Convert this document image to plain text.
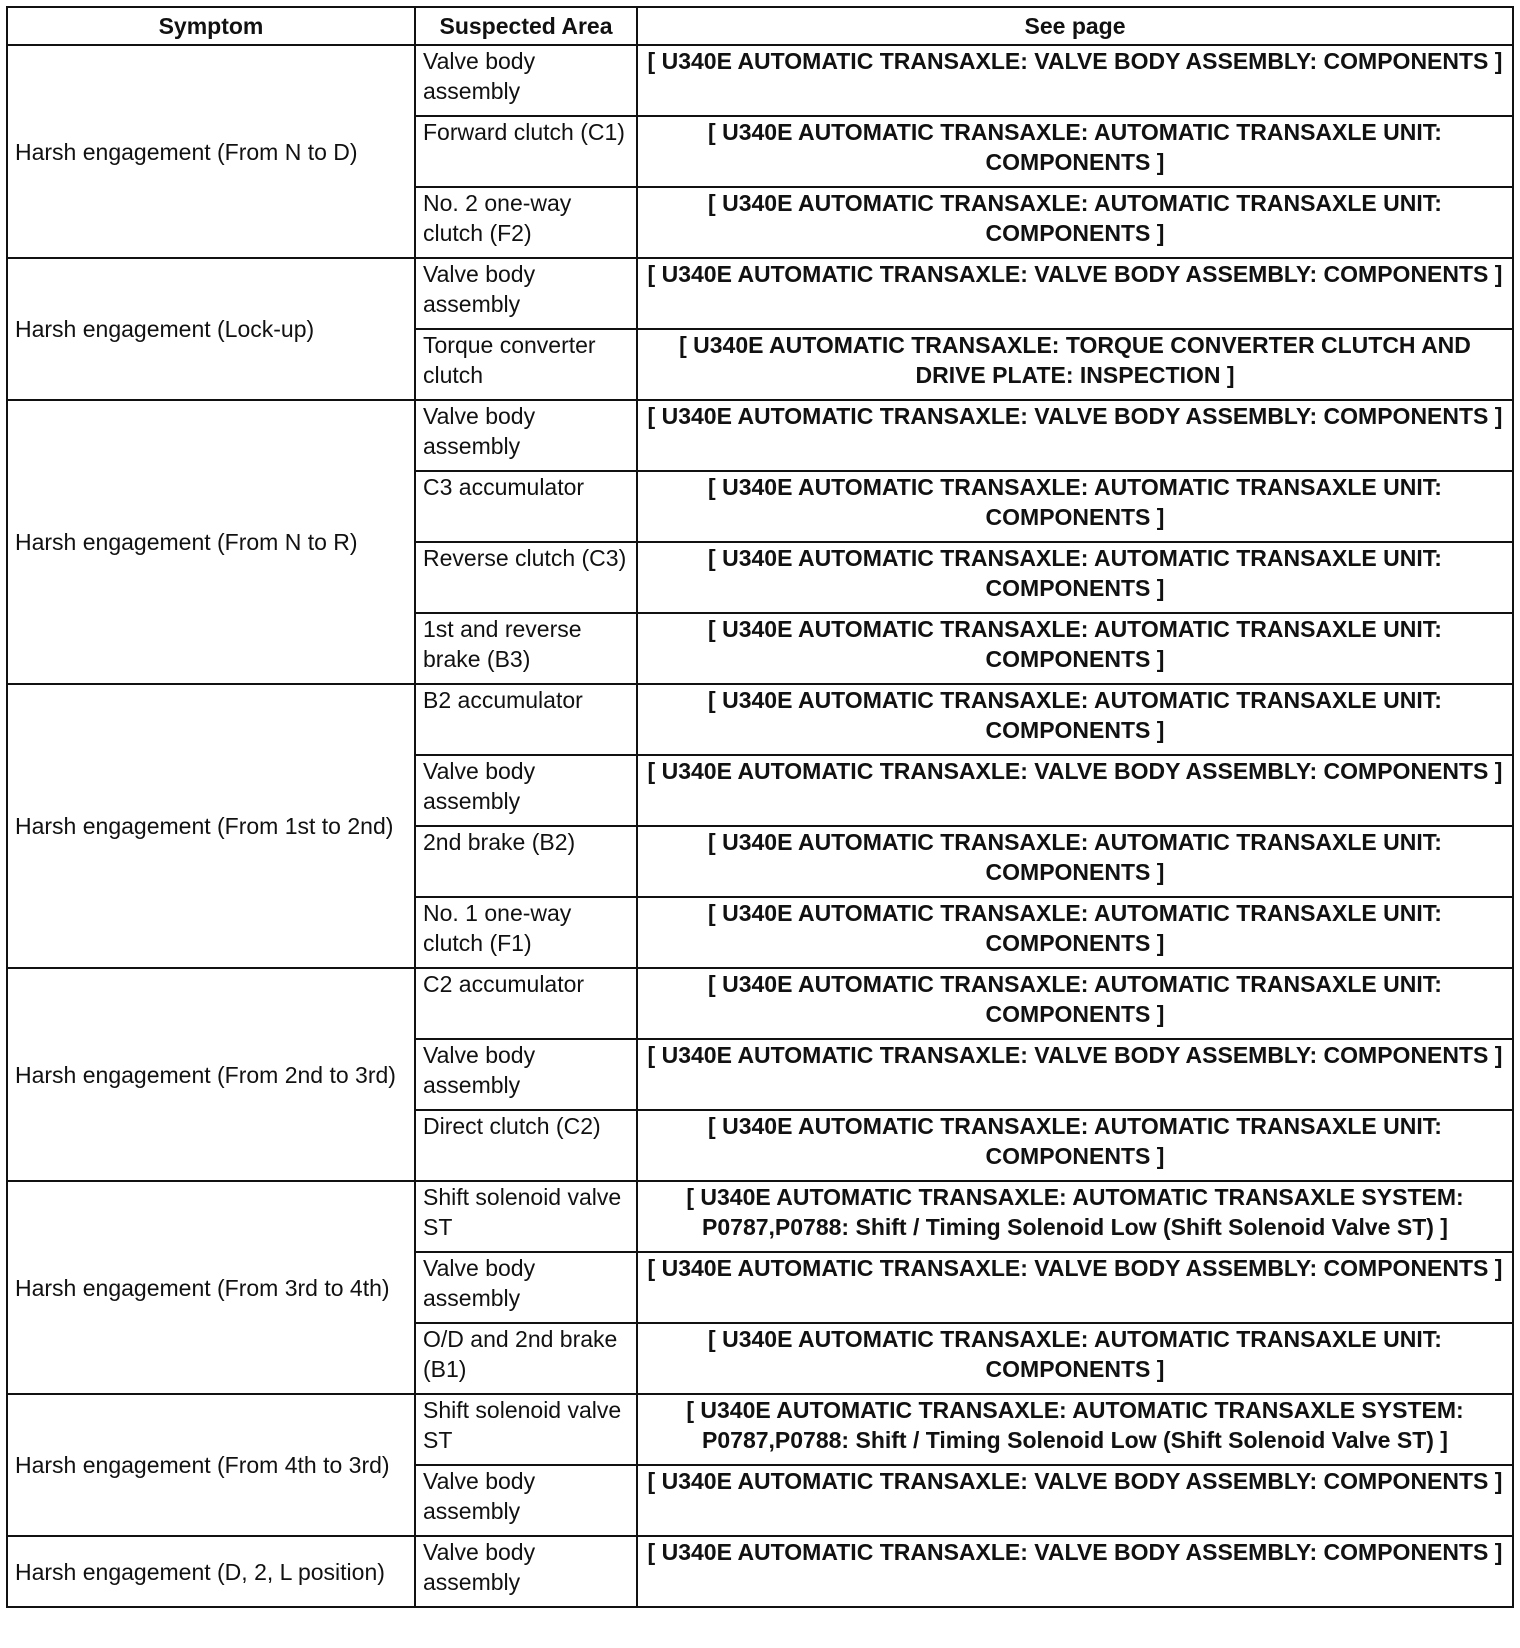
Symptom	Suspected Area	See page
Harsh engagement (From N to D)	Valve body assembly	[ U340E AUTOMATIC TRANSAXLE: VALVE BODY ASSEMBLY: COMPONENTS ]
	Forward clutch (C1)	[ U340E AUTOMATIC TRANSAXLE: AUTOMATIC TRANSAXLE UNIT: COMPONENTS ]
	No. 2 one-way clutch (F2)	[ U340E AUTOMATIC TRANSAXLE: AUTOMATIC TRANSAXLE UNIT: COMPONENTS ]
Harsh engagement (Lock-up)	Valve body assembly	[ U340E AUTOMATIC TRANSAXLE: VALVE BODY ASSEMBLY: COMPONENTS ]
	Torque converter clutch	[ U340E AUTOMATIC TRANSAXLE: TORQUE CONVERTER CLUTCH AND DRIVE PLATE: INSPECTION ]
Harsh engagement (From N to R)	Valve body assembly	[ U340E AUTOMATIC TRANSAXLE: VALVE BODY ASSEMBLY: COMPONENTS ]
	C3 accumulator	[ U340E AUTOMATIC TRANSAXLE: AUTOMATIC TRANSAXLE UNIT: COMPONENTS ]
	Reverse clutch (C3)	[ U340E AUTOMATIC TRANSAXLE: AUTOMATIC TRANSAXLE UNIT: COMPONENTS ]
	1st and reverse brake (B3)	[ U340E AUTOMATIC TRANSAXLE: AUTOMATIC TRANSAXLE UNIT: COMPONENTS ]
Harsh engagement (From 1st to 2nd)	B2 accumulator	[ U340E AUTOMATIC TRANSAXLE: AUTOMATIC TRANSAXLE UNIT: COMPONENTS ]
	Valve body assembly	[ U340E AUTOMATIC TRANSAXLE: VALVE BODY ASSEMBLY: COMPONENTS ]
	2nd brake (B2)	[ U340E AUTOMATIC TRANSAXLE: AUTOMATIC TRANSAXLE UNIT: COMPONENTS ]
	No. 1 one-way clutch (F1)	[ U340E AUTOMATIC TRANSAXLE: AUTOMATIC TRANSAXLE UNIT: COMPONENTS ]
Harsh engagement (From 2nd to 3rd)	C2 accumulator	[ U340E AUTOMATIC TRANSAXLE: AUTOMATIC TRANSAXLE UNIT: COMPONENTS ]
	Valve body assembly	[ U340E AUTOMATIC TRANSAXLE: VALVE BODY ASSEMBLY: COMPONENTS ]
	Direct clutch (C2)	[ U340E AUTOMATIC TRANSAXLE: AUTOMATIC TRANSAXLE UNIT: COMPONENTS ]
Harsh engagement (From 3rd to 4th)	Shift solenoid valve ST	[ U340E AUTOMATIC TRANSAXLE: AUTOMATIC TRANSAXLE SYSTEM: P0787,P0788: Shift / Timing Solenoid Low (Shift Solenoid Valve ST) ]
	Valve body assembly	[ U340E AUTOMATIC TRANSAXLE: VALVE BODY ASSEMBLY: COMPONENTS ]
	O/D and 2nd brake (B1)	[ U340E AUTOMATIC TRANSAXLE: AUTOMATIC TRANSAXLE UNIT: COMPONENTS ]
Harsh engagement (From 4th to 3rd)	Shift solenoid valve ST	[ U340E AUTOMATIC TRANSAXLE: AUTOMATIC TRANSAXLE SYSTEM: P0787,P0788: Shift / Timing Solenoid Low (Shift Solenoid Valve ST) ]
	Valve body assembly	[ U340E AUTOMATIC TRANSAXLE: VALVE BODY ASSEMBLY: COMPONENTS ]
Harsh engagement (D, 2, L position)	Valve body assembly	[ U340E AUTOMATIC TRANSAXLE: VALVE BODY ASSEMBLY: COMPONENTS ]
